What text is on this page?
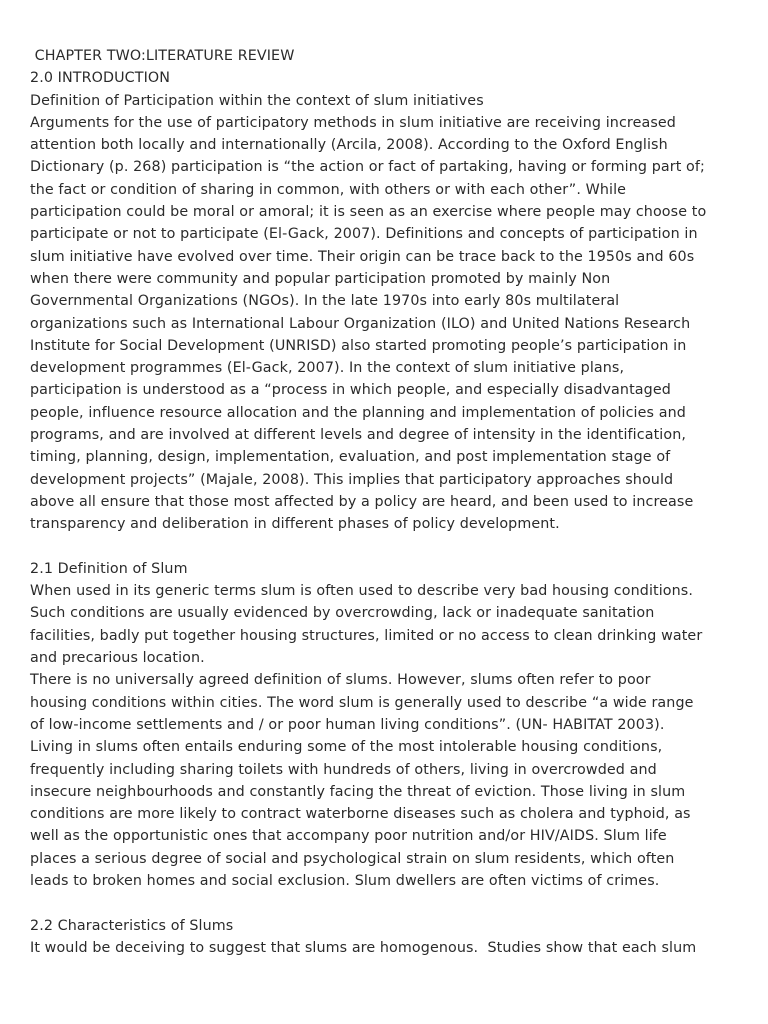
CHAPTER TWO:LITERATURE REVIEW
2.0 INTRODUCTION
Definition of Participation within the context of slum initiatives
Arguments for the use of participatory methods in slum initiative are receiving increased
attention both locally and internationally (Arcila, 2008). According to the Oxford English
Dictionary (p. 268) participation is “the action or fact of partaking, having or forming part of;
the fact or condition of sharing in common, with others or with each other”. While
participation could be moral or amoral; it is seen as an exercise where people may choose to
participate or not to participate (El-Gack, 2007). Definitions and concepts of participation in
slum initiative have evolved over time. Their origin can be trace back to the 1950s and 60s
when there were community and popular participation promoted by mainly Non
Governmental Organizations (NGOs). In the late 1970s into early 80s multilateral
organizations such as International Labour Organization (ILO) and United Nations Research
Institute for Social Development (UNRISD) also started promoting people’s participation in
development programmes (El-Gack, 2007). In the context of slum initiative plans,
participation is understood as a “process in which people, and especially disadvantaged
people, influence resource allocation and the planning and implementation of policies and
programs, and are involved at different levels and degree of intensity in the identification,
timing, planning, design, implementation, evaluation, and post implementation stage of
development projects” (Majale, 2008). This implies that participatory approaches should
above all ensure that those most affected by a policy are heard, and been used to increase
transparency and deliberation in different phases of policy development.
2.1 Definition of Slum
When used in its generic terms slum is often used to describe very bad housing conditions.
Such conditions are usually evidenced by overcrowding, lack or inadequate sanitation
facilities, badly put together housing structures, limited or no access to clean drinking water
and precarious location.
There is no universally agreed definition of slums. However, slums often refer to poor
housing conditions within cities. The word slum is generally used to describe “a wide range
of low-income settlements and / or poor human living conditions”. (UN- HABITAT 2003).
Living in slums often entails enduring some of the most intolerable housing conditions,
frequently including sharing toilets with hundreds of others, living in overcrowded and
insecure neighbourhoods and constantly facing the threat of eviction. Those living in slum
conditions are more likely to contract waterborne diseases such as cholera and typhoid, as
well as the opportunistic ones that accompany poor nutrition and/or HIV/AIDS. Slum life
places a serious degree of social and psychological strain on slum residents, which often
leads to broken homes and social exclusion. Slum dwellers are often victims of crimes.
2.2 Characteristics of Slums
It would be deceiving to suggest that slums are homogenous.  Studies show that each slum
